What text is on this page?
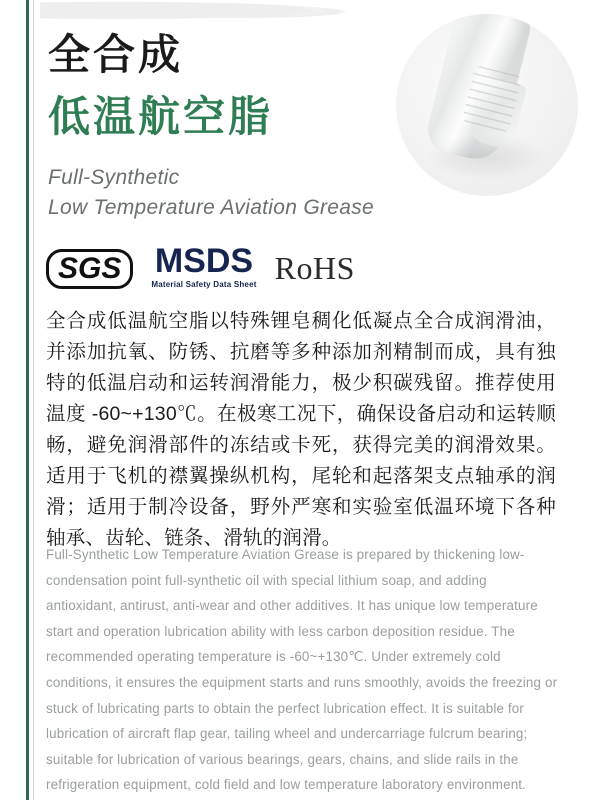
全合成
低温航空脂
Full-Synthetic
Low Temperature Aviation Grease
SGS MSDS
Material Safety Data Sheet RoHS
全合成低温航空脂以特殊锂皂稠化低凝点全合成润滑油，并添加抗氧、防锈、抗磨等多种添加剂精制而成，具有独特的低温启动和运转润滑能力，极少积碳残留。推荐使用温度 -60~+130℃。在极寒工况下，确保设备启动和运转顺畅，避免润滑部件的冻结或卡死，获得完美的润滑效果。适用于飞机的襟翼操纵机构，尾轮和起落架支点轴承的润滑；适用于制冷设备，野外严寒和实验室低温环境下各种轴承、齿轮、链条、滑轨的润滑。
Full-Synthetic Low Temperature Aviation Grease is prepared by thickening low-condensation point full-synthetic oil with special lithium soap, and adding antioxidant, antirust, anti-wear and other additives. It has unique low temperature start and operation lubrication ability with less carbon deposition residue. The recommended operating temperature is -60~+130℃. Under extremely cold conditions, it ensures the equipment starts and runs smoothly, avoids the freezing or stuck of lubricating parts to obtain the perfect lubrication effect. It is suitable for lubrication of aircraft flap gear, tailing wheel and undercarriage fulcrum bearing; suitable for lubrication of various bearings, gears, chains, and slide rails in the refrigeration equipment, cold field and low temperature laboratory environment.
